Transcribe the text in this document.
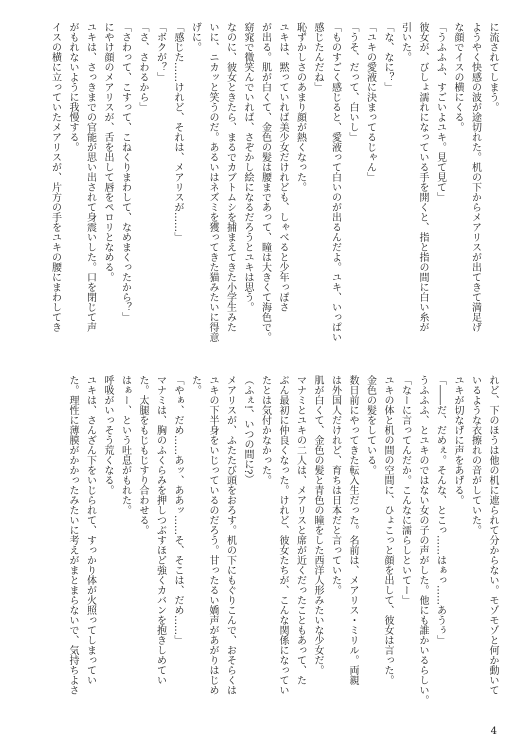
に流されてしまう。
ようやく快感の波が途切れた。机の下からメアリスが出てきて満足げ
な顔でイスの横にくる。
「うふふふ、すごいよユキ。見て見て」
彼女が、びしょ濡れになっている手を開くと、指と指の間に白い糸が
引いた。
「な、なに？」
「ユキの愛液に決まってるじゃん」
「うそ、だって、白いし」
「ものすごく感じると、愛液って白いのが出るんだよ。ユキ、いっぱい
感じたんだね」
恥ずかしさのあまり顔が熱くなった。
ユキは、黙っていれば美少女だけれども、しゃべると少年っぽさ
が出る。肌が白くて、金色の髪は腰まであって、瞳は大きくて海色で。
窈窕で微笑んでいれば、さぞかし絵になるだろうとユキは思う。
なのに、彼女ときたら、まるでカブトムシを捕まえてきた小学生みた
いに、ニカッと笑うのだ。あるいはネズミを獲ってきた猫みたいに得意
げに。
「感じた……けれど、それは、メアリスが……」
「ボクが？」
「さ、さわるから」
「さわって、こすって、こねくりまわして、なめまくったから？」
にやけ顔のメアリスが、舌を出して唇をペロリとなめる。
ユキは、さっきまでの官能が思い出されて身震いした。口を閉じて声
がもれないように我慢する。
イスの横に立っていたメアリスが、片方の手をユキの腰にまわしてき
れど、下のほうは他の机に遮られて分からない。モゾモゾと何か動いて
いるような衣擦れの音がしていた。
ユキが切なげに声をあげる。
「――だ、だめぇ。そんな、とこっ……はぁっ……あうぅ」
うふふふ、とユキのではない女の子の声がした。他にも誰かいるらしい。
「なーに言ってんだか。こんなに濡らしといてー」
ユキの体と机の間の空間に、ひょこっと顔を出して、彼女は言った。
金色の髪をしている。
数日前にやってきた転入生だった。名前は、メアリス・ミリル。両親
は外国人だけれど、育ちは日本だと言っていた。
肌が白くて、金色の髪と青色の瞳をした西洋人形みたいな少女だ。
マナミとユキの二人は、メアリスと席が近くだったこともあって、た
ぶん最初に仲良くなった。けれど、彼女たちが、こんな関係になってい
たとは気付かなかった。
（ふぇ!、いつの間に?）
メアリスが、ふたたび頭をおろす。机の下にもぐりこんで、おそらくは
ユキの下半身をいじっているのだろう。甘ったるい嬌声があがりはじめ
た。
「やぁ、だめ……あッ、ああッ……そ、そこは、だめ……」
マナミは、胸のふくらみを押しつぶすほど強くカバンを抱きしめてい
た。太腿をもじもじすり合わせる。
はぁー、という吐息がもれた。
呼吸がいっそう荒くなる。
ユキは、さんざん下をいじられて、すっかり体が火照ってしまってい
た。理性に薄膜がかかったみたいに考えがまとまらないで、気持ちよさ
4
